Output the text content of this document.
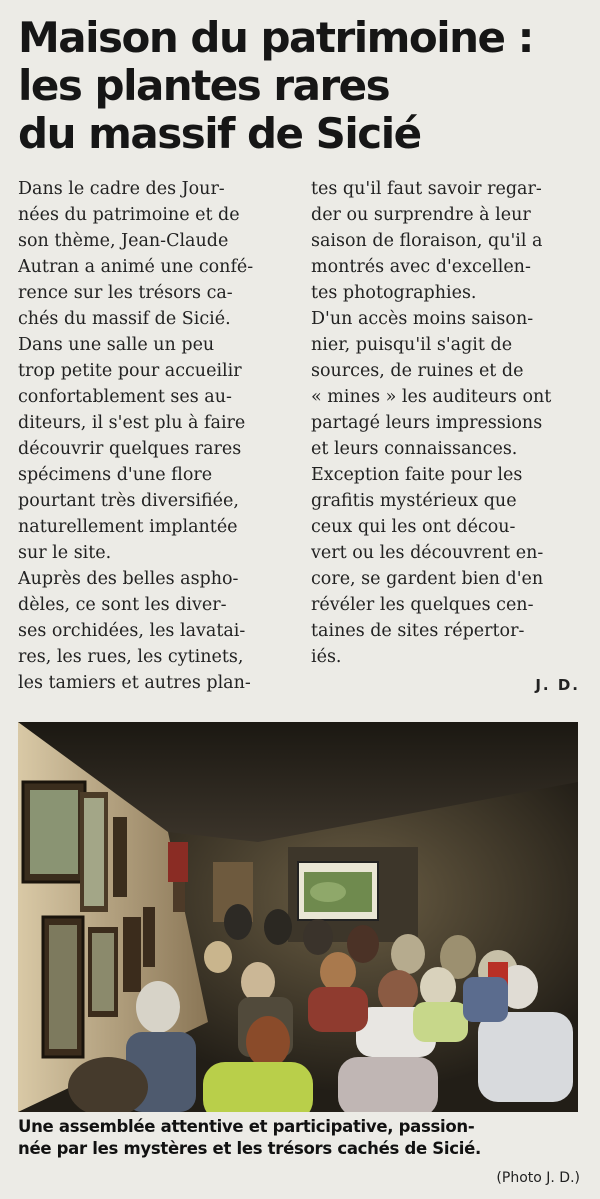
Maison du patrimoine :
les plantes rares
du massif de Sicié
Dans le cadre des Jour-
nées du patrimoine et de
son thème, Jean-Claude
Autran a animé une confé-
rence sur les trésors ca-
chés du massif de Sicié.
Dans une salle un peu
trop petite pour accueilir
confortablement ses au-
diteurs, il s'est plu à faire
découvrir quelques rares
spécimens d'une flore
pourtant très diversifiée,
naturellement implantée
sur le site.
Auprès des belles aspho-
dèles, ce sont les diver-
ses orchidées, les lavatai-
res, les rues, les cytinets,
les tamiers et autres plan-
tes qu'il faut savoir regar-
der ou surprendre à leur
saison de floraison, qu'il a
montrés avec d'excellen-
tes photographies.
D'un accès moins saison-
nier, puisqu'il s'agit de
sources, de ruines et de
« mines » les auditeurs ont
partagé leurs impressions
et leurs connaissances.
Exception faite pour les
grafitis mystérieux que
ceux qui les ont décou-
vert ou les découvrent en-
core, se gardent bien d'en
révéler les quelques cen-
taines de sites répertor-
iés.
J. D.
Une assemblée attentive et participative, passion-
née par les mystères et les trésors cachés de Sicié.
(Photo J. D.)
